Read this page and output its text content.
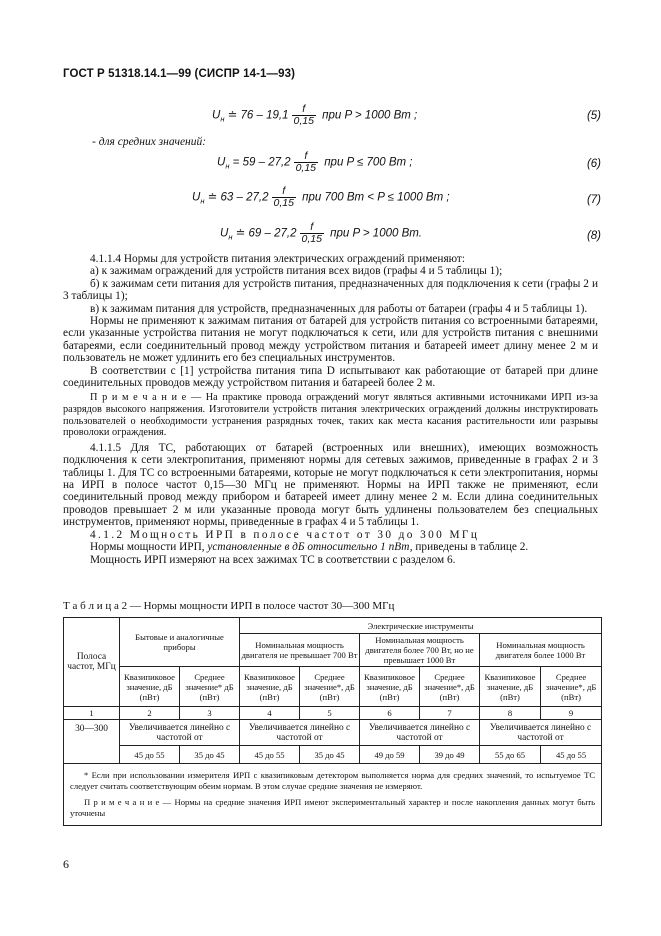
ГОСТ Р 51318.14.1—99 (СИСПР 14-1—93)
$U_н$ ≐ $76 - 19,1 \frac{f}{0,15}$ при P > 1000 Вт ;	(5)
- для средних значений:
$U_н = 59 - 27,2 \frac{f}{0,15}$ при P ≤ 700 Вт ;	(6)
$U_н$ ≐ $63 - 27,2 \frac{f}{0,15}$ при 700 Вт < P ≤ 1000 Вт ;	(7)
$U_н$ ≐ $69 - 27,2 \frac{f}{0,15}$ при P > 1000 Вт.	(8)

4.1.1.4 Нормы для устройств питания электрических ограждений применяют:

а) к зажимам ограждений для устройств питания всех видов (графы 4 и 5 таблицы 1);

б) к зажимам сети питания для устройств питания, предназначенных для подключения к сети (графы 2 и 3 таблицы 1);

в) к зажимам питания для устройств, предназначенных для работы от батареи (графы 4 и 5 таблицы 1).

Нормы не применяют к зажимам питания от батарей для устройств питания со встроенными батареями, если указанные устройства питания не могут подключаться к сети, или для устройств питания с внешними батареями, если соединительный провод между устройством питания и батареей имеет длину менее 2 м и пользователь не может удлинить его без специальных инструментов.

В соответствии с [1] устройства питания типа D испытывают как работающие от батарей при длине соединительных проводов между устройством питания и батареей более 2 м.

П р и м е ч а н и е — На практике провода ограждений могут являться активными источниками ИРП из-за разрядов высокого напряжения. Изготовители устройств питания электрических ограждений должны инструктировать пользователей о необходимости устранения разрядных точек, таких как места касания растительности или разрывы проволоки ограждения.

4.1.1.5 Для ТС, работающих от батарей (встроенных или внешних), имеющих возможность подключения к сети электропитания, применяют нормы для сетевых зажимов, приведенные в графах 2 и 3 таблицы 1. Для ТС со встроенными батареями, которые не могут подключаться к сети электропитания, нормы на ИРП в полосе частот 0,15—30 МГц не применяют. Нормы на ИРП также не применяют, если соединительный провод между прибором и батареей имеет длину менее 2 м. Если длина соединительных проводов превышает 2 м или указанные провода могут быть удлинены пользователем без специальных инструментов, применяют нормы, приведенные в графах 4 и 5 таблицы 1.

4.1.2 Мощность ИРП в полосе частот от 30 до 300 МГц

Нормы мощности ИРП, установленные в дБ относительно 1 пВт, приведены в таблице 2.

Мощность ИРП измеряют на всех зажимах ТС в соответствии с разделом 6.

Т а б л и ц а 2 — Нормы мощности ИРП в полосе частот 30—300 МГц
Полоса частот, МГц	Бытовые и аналогичные приборы		Электрические инструменты					
			Номинальная мощность двигателя не превышает 700 Вт		Номинальная мощность двигателя более 700 Вт, но не превышает 1000 Вт		Номинальная мощность двигателя более 1000 Вт	
	Квазипиковое значение, дБ (пВт)	Среднее значение* дБ (пВт)	Квазипиковое значение, дБ (пВт)	Среднее значение*, дБ (пВт)	Квазипиковое значение, дБ (пВт)	Среднее значение*, дБ (пВт)	Квазипиковое значение, дБ (пВт)	Среднее значение*, дБ (пВт)
1	2	3	4	5	6	7	8	9
30—300	Увеличивается линейно с частотой от		Увеличивается линейно с частотой от		Увеличивается линейно с частотой от		Увеличивается линейно с частотой от	
	45 до 55	35 до 45	45 до 55	35 до 45	49 до 59	39 до 49	55 до 65	45 до 55

* Если при использовании измерителя ИРП с квазипиковым детектором выполняется норма для средних значений, то испытуемое ТС следует считать соответствующим обеим нормам. В этом случае средние значения не измеряют.

П р и м е ч а н и е — Нормы на средние значения ИРП имеют экспериментальный характер и после накопления данных могут быть уточнены								

6
